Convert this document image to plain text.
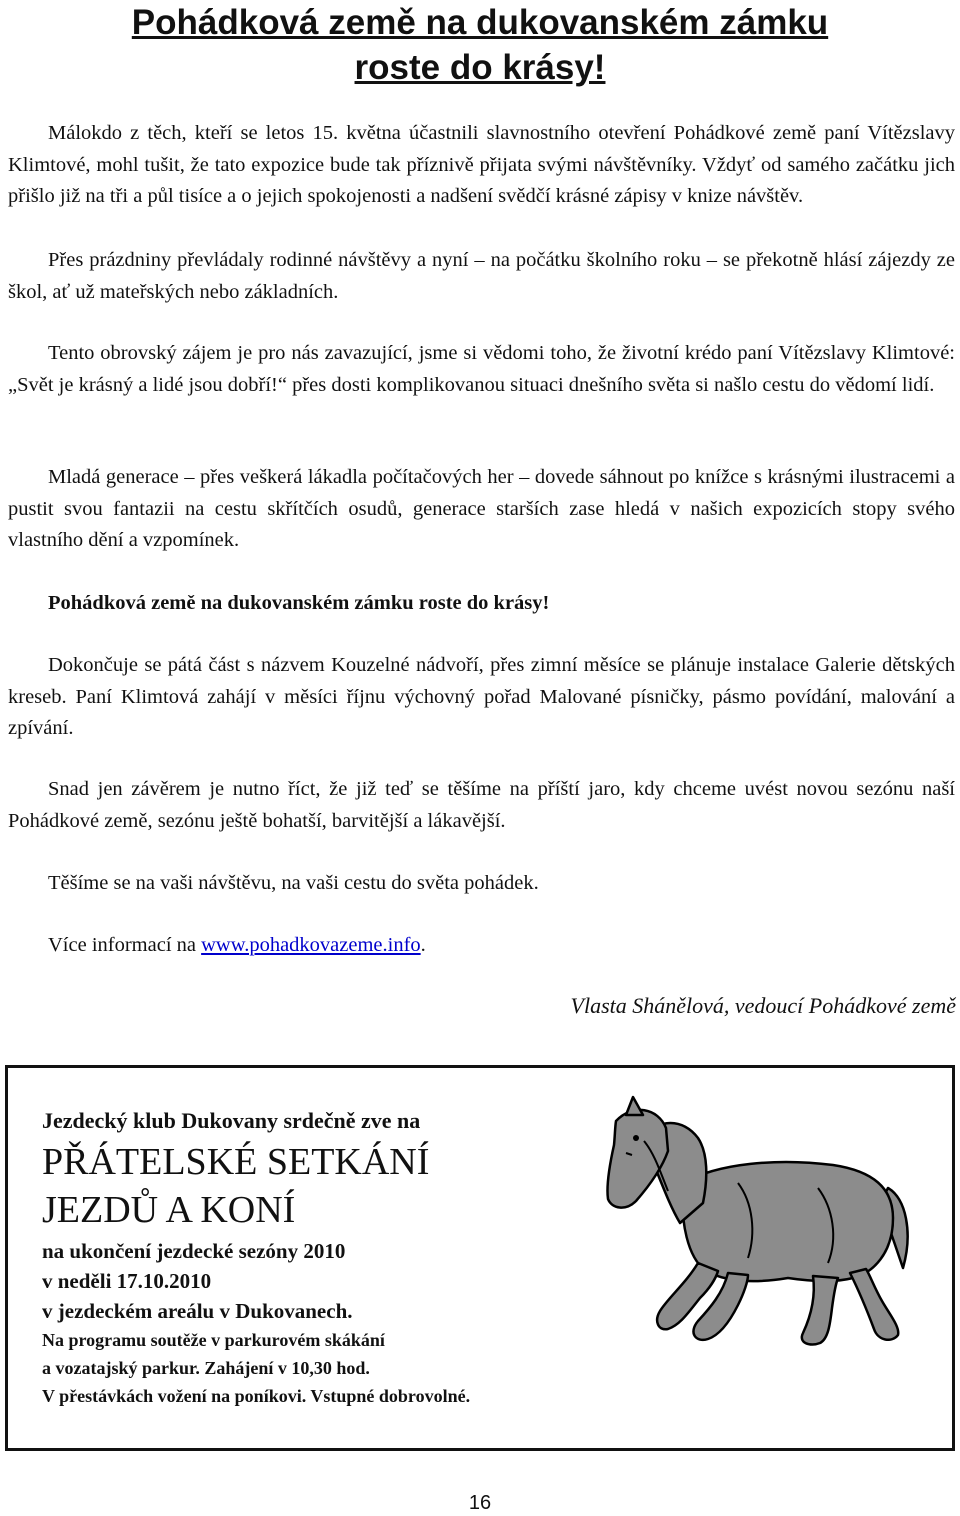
Pohádková země na dukovanském zámku
roste do krásy!

Málokdo z těch, kteří se letos 15. května účastnili slavnostního otevření Pohádkové země paní Vítězslavy Klimtové, mohl tušit, že tato expozice bude tak příznivě přijata svými návštěvníky. Vždyť od samého začátku jich přišlo již na tři a půl tisíce a o jejich spokojenosti a nadšení svědčí krásné zápisy v knize návštěv.

Přes prázdniny převládaly rodinné návštěvy a nyní – na počátku školního roku – se překotně hlásí zájezdy ze škol, ať už mateřských nebo základních.

Tento obrovský zájem je pro nás zavazující, jsme si vědomi toho, že životní krédo paní Vítězslavy Klimtové: „Svět je krásný a lidé jsou dobří!“ přes dosti komplikovanou situaci dnešního světa si našlo cestu do vědomí lidí.

Mladá generace – přes veškerá lákadla počítačových her – dovede sáhnout po knížce s krásnými ilustracemi a pustit svou fantazii na cestu skřítčích osudů, generace starších zase hledá v našich expozicích stopy svého vlastního dění a vzpomínek.

Pohádková země na dukovanském zámku roste do krásy!

Dokončuje se pátá část s názvem Kouzelné nádvoří, přes zimní měsíce se plánuje instalace Galerie dětských kreseb. Paní Klimtová zahájí v měsíci říjnu výchovný pořad Malované písničky, pásmo povídání, malování a zpívání.

Snad jen závěrem je nutno říct, že již teď se těšíme na příští jaro, kdy chceme uvést novou sezónu naší Pohádkové země, sezónu ještě bohatší, barvitější a lákavější.

Těšíme se na vaši návštěvu, na vaši cestu do světa pohádek.

Více informací na www.pohadkovazeme.info.

Vlasta Shánělová, vedoucí Pohádkové země

Jezdecký klub Dukovany srdečně zve na

PŘÁTELSKÉ SETKÁNÍ

JEZDŮ A KONÍ

na ukončení jezdecké sezóny 2010

v neděli 17.10.2010

v jezdeckém areálu v Dukovanech.

Na programu soutěže v parkurovém skákání

a vozatajský parkur. Zahájení v 10,30 hod.

V přestávkách vožení na poníkovi. Vstupné dobrovolné.

16
